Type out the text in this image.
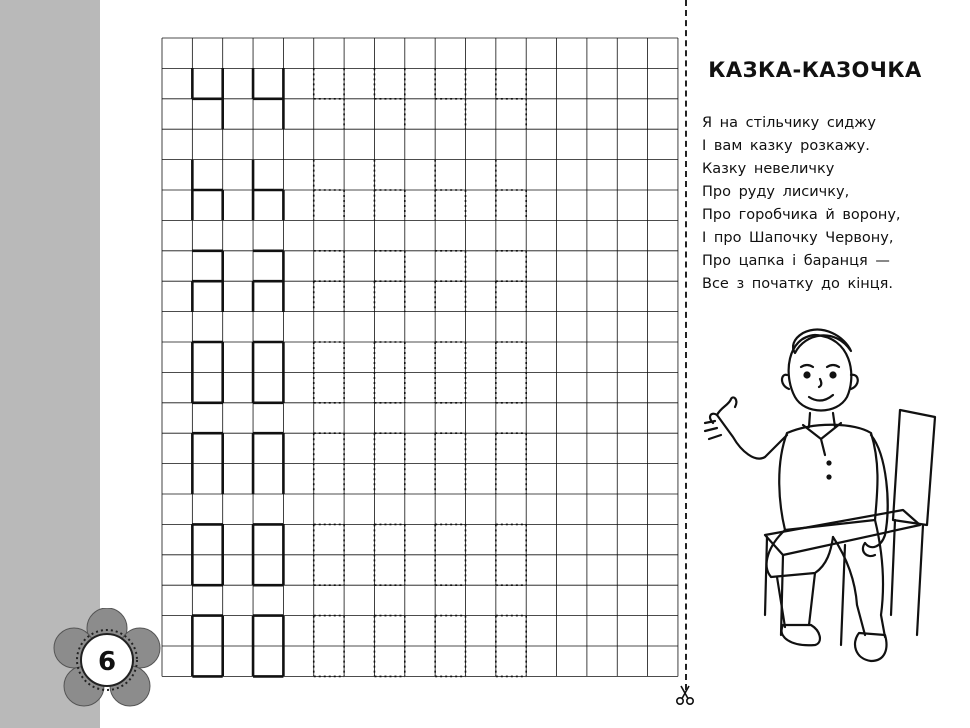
6
КАЗКА-КАЗОЧКА
Я на стільчику сиджу
І вам казку розкажу.
Казку невеличку
Про руду лисичку,
Про горобчика й ворону,
І про Шапочку Червону,
Про цапка і баранця —
Все з початку до кінця.
